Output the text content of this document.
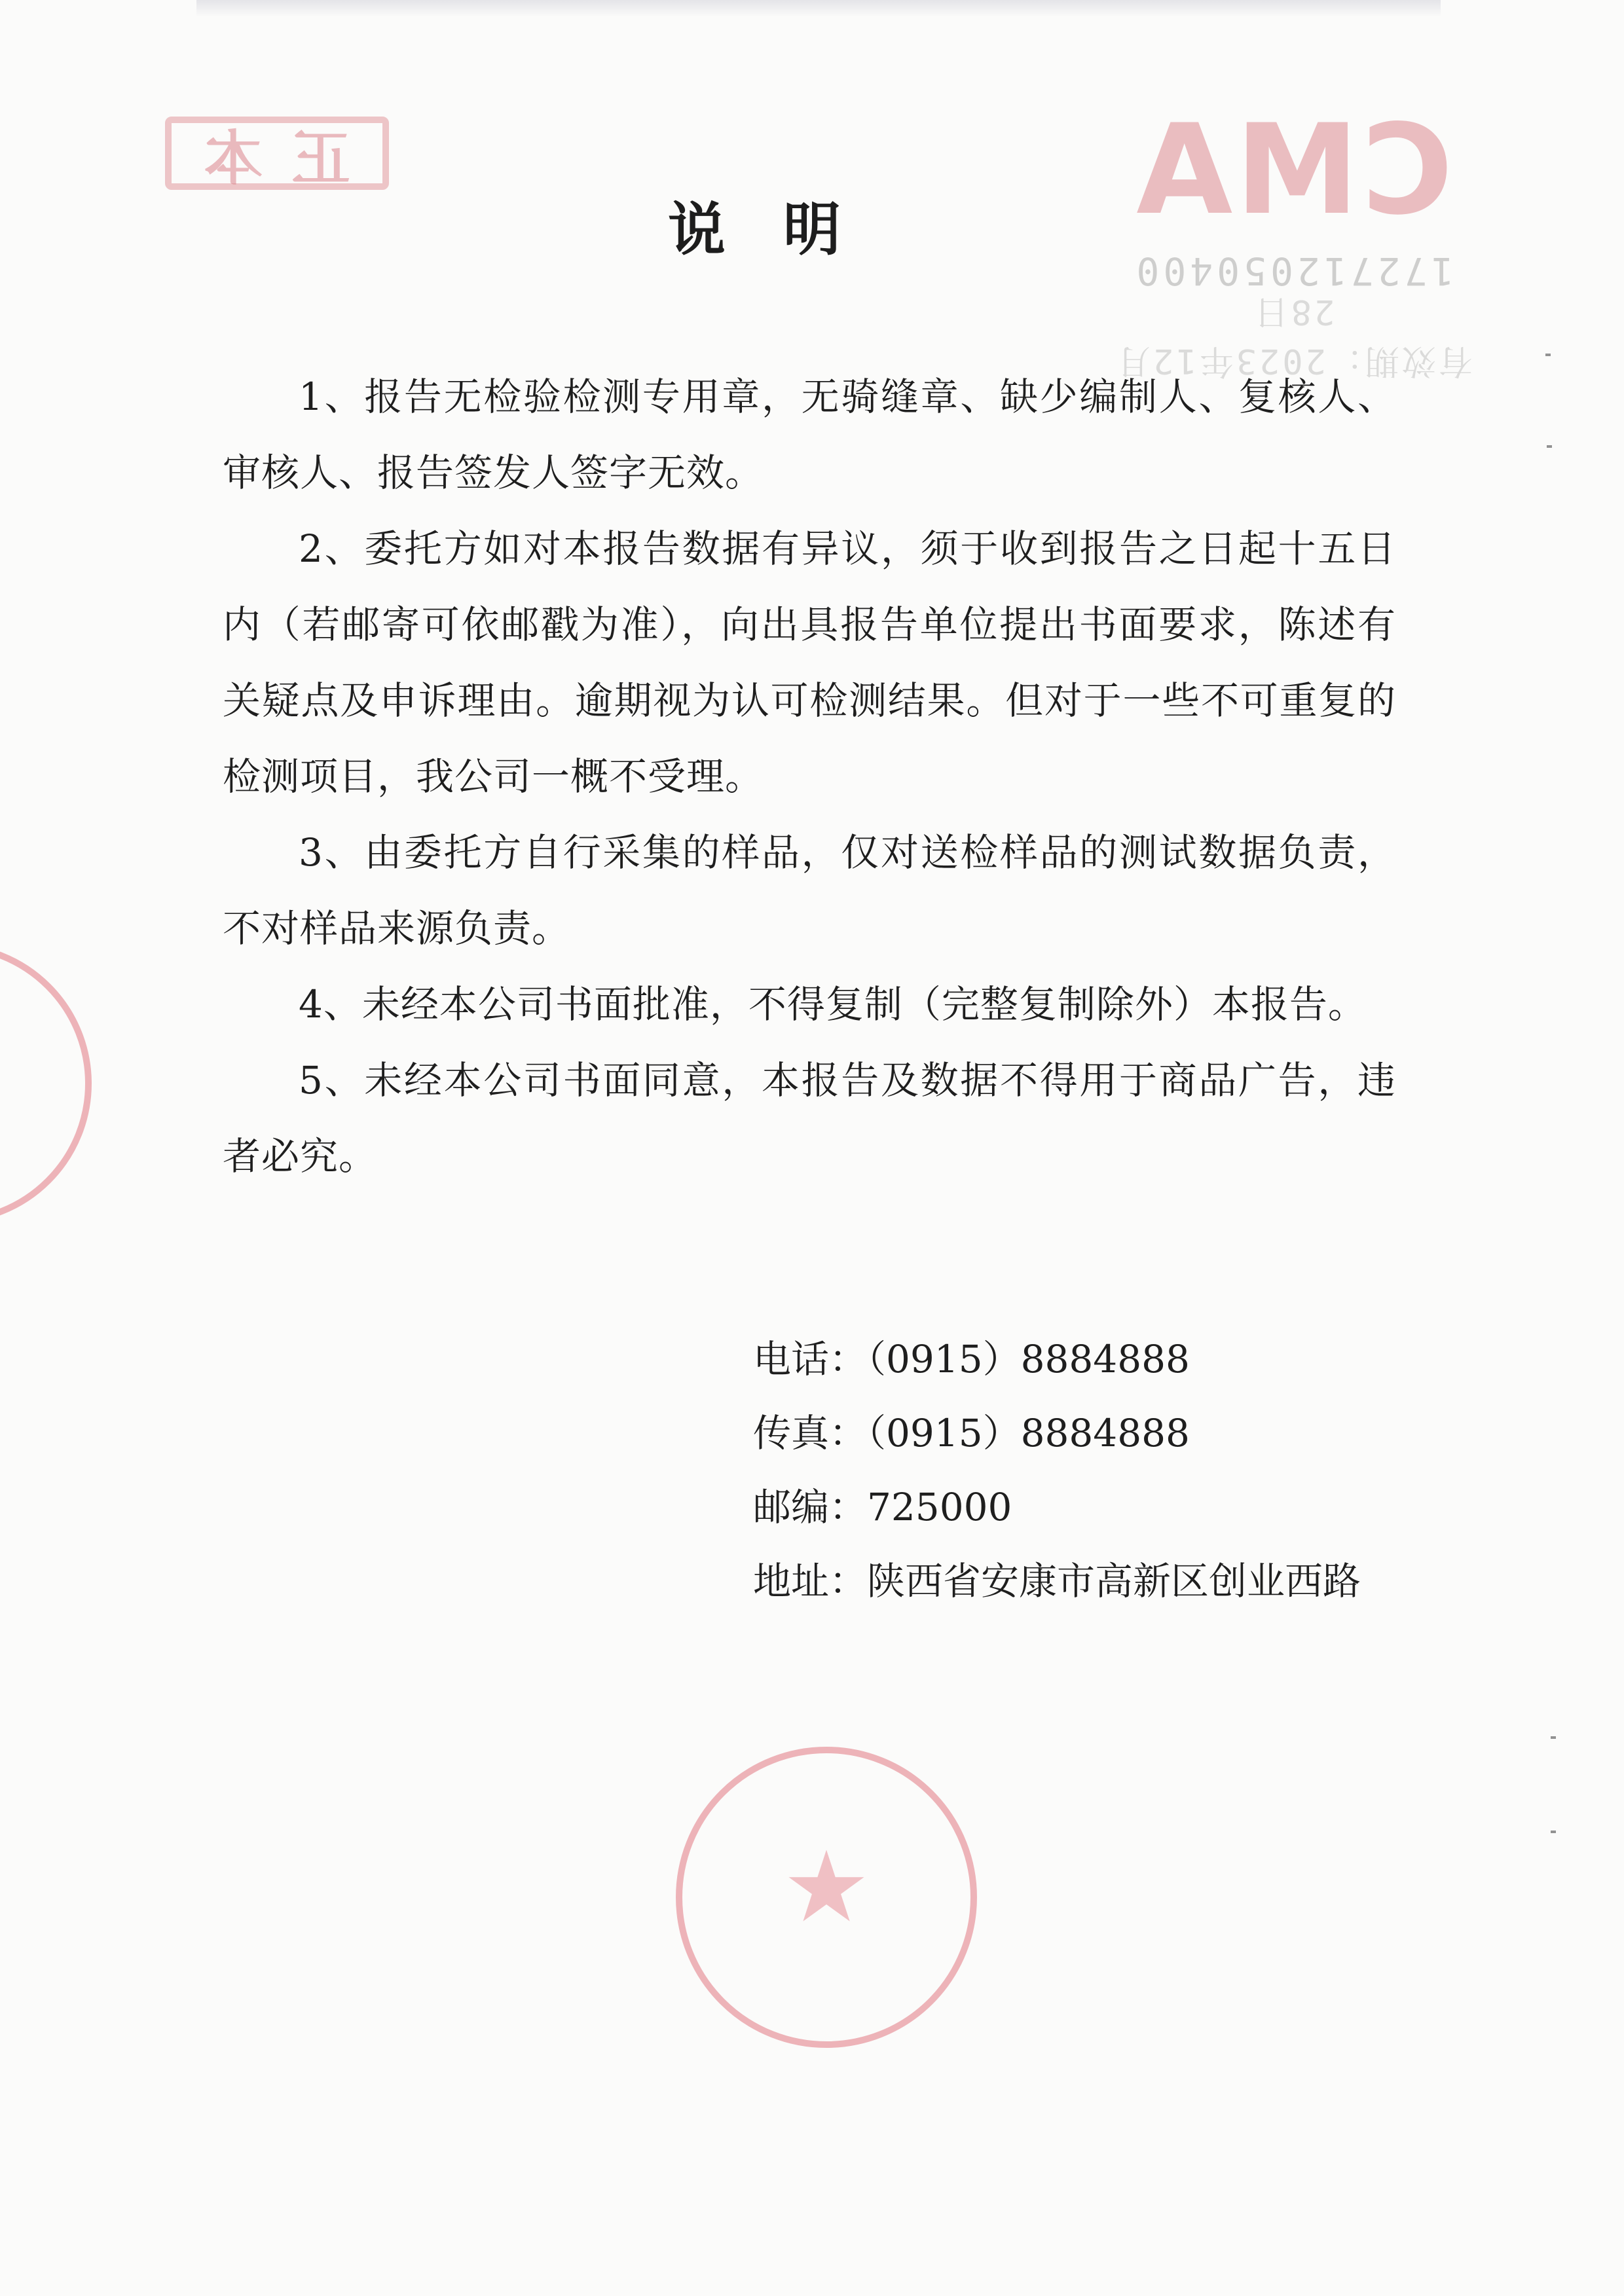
正
本	CMA
172712050400
有效期：2023年12月28日
★
说　明
1、报告无检验检测专用章，无骑缝章、缺少编制人、复核人、审核人、报告签发人签字无效。
2、委托方如对本报告数据有异议，须于收到报告之日起十五日内（若邮寄可依邮戳为准），向出具报告单位提出书面要求，陈述有关疑点及申诉理由。逾期视为认可检测结果。但对于一些不可重复的检测项目，我公司一概不受理。
3、由委托方自行采集的样品，仅对送检样品的测试数据负责，不对样品来源负责。
4、未经本公司书面批准，不得复制（完整复制除外）本报告。
5、未经本公司书面同意，本报告及数据不得用于商品广告，违者必究。
电话：（0915）8884888
传真：（0915）8884888
邮编：725000
地址：陕西省安康市高新区创业西路
